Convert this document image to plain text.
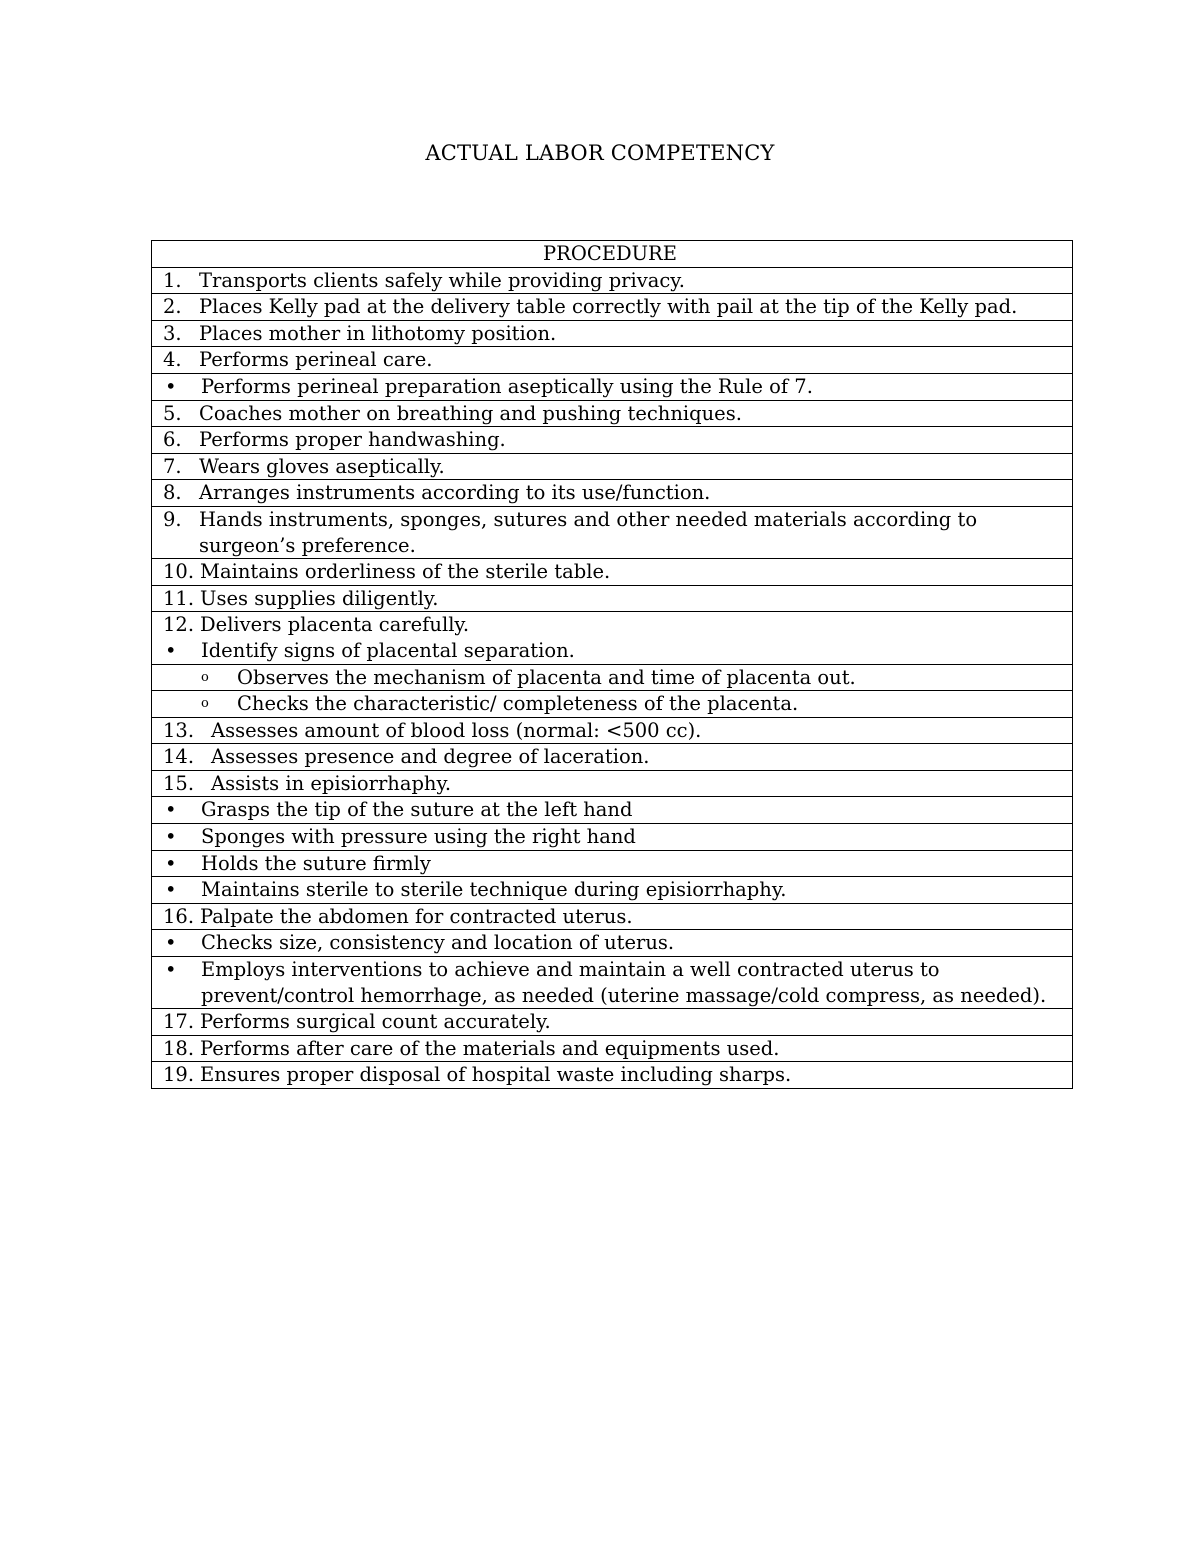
ACTUAL LABOR COMPETENCY
PROCEDURE

1. Transports clients safely while providing privacy.

2. Places Kelly pad at the delivery table correctly with pail at the tip of the Kelly pad.

3. Places mother in lithotomy position.

4. Performs perineal care.

•	Performs perineal preparation aseptically using the Rule of 7.

5. Coaches mother on breathing and pushing techniques.

6. Performs proper handwashing.

7. Wears gloves aseptically.

8. Arranges instruments according to its use/function.

9. Hands instruments, sponges, sutures and other needed materials according to surgeon’s preference.

10. Maintains orderliness of the sterile table.

11. Uses supplies diligently.

12. Delivers placenta carefully.
•	Identify signs of placental separation.

o	Observes the mechanism of placenta and time of placenta out.

o	Checks the characteristic/ completeness of the placenta.

13. Assesses amount of blood loss (normal: <500 cc).

14. Assesses presence and degree of laceration.

15. Assists in episiorrhaphy.

•	Grasps the tip of the suture at the left hand

•	Sponges with pressure using the right hand

•	Holds the suture firmly

•	Maintains sterile to sterile technique during episiorrhaphy.

16. Palpate the abdomen for contracted uterus.

•	Checks size, consistency and location of uterus.

•	Employs interventions to achieve and maintain a well contracted uterus to prevent/control hemorrhage, as needed (uterine massage/cold compress, as needed).

17. Performs surgical count accurately.

18. Performs after care of the materials and equipments used.

19. Ensures proper disposal of hospital waste including sharps.
